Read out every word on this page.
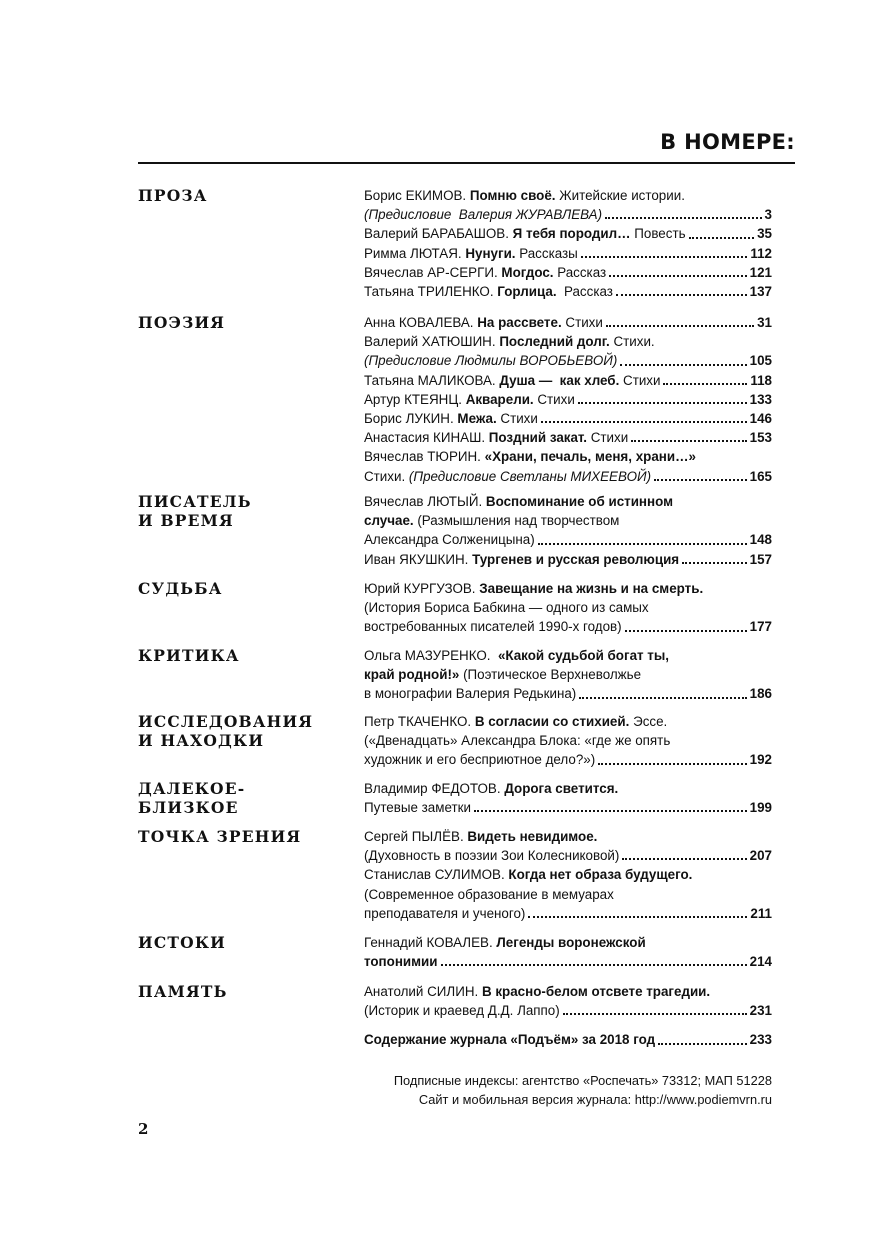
В НОМЕРЕ:
ПРОЗА	Борис ЕКИМОВ. Помню своё. Житейские истории.
(Предисловие  Валерия ЖУРАВЛЕВА)	3
Валерий БАРАБАШОВ. Я тебя породил… Повесть	35
Римма ЛЮТАЯ. Нунуги. Рассказы	112
Вячеслав АР-СЕРГИ. Могдос. Рассказ	121
Татьяна ТРИЛЕНКО. Горлица.  Рассказ	137
ПОЭЗИЯ	Анна КОВАЛЕВА. На рассвете. Стихи	31
Валерий ХАТЮШИН. Последний долг. Стихи.
(Предисловие Людмилы ВОРОБЬЕВОЙ)	105
Татьяна МАЛИКОВА. Душа —  как хлеб. Стихи	118
Артур КТЕЯНЦ. Акварели. Стихи	133
Борис ЛУКИН. Межа. Стихи	146
Анастасия КИНАШ. Поздний закат. Стихи	153
Вячеслав ТЮРИН. «Храни, печаль, меня, храни…»
Стихи. (Предисловие Светланы МИХЕЕВОЙ)	165
ПИСАТЕЛЬ
И ВРЕМЯ
Вячеслав ЛЮТЫЙ. Воспоминание об истинном
случае. (Размышления над творчеством
Александра Солженицына)	148
Иван ЯКУШКИН. Тургенев и русская революция	157
СУДЬБА	Юрий КУРГУЗОВ. Завещание на жизнь и на смерть.
(История Бориса Бабкина — одного из самых
востребованных писателей 1990-х годов)	177
КРИТИКА	Ольга МАЗУРЕНКО.  «Какой судьбой богат ты,
край родной!» (Поэтическое Верхневолжье
в монографии Валерия Редькина)	186
ИССЛЕДОВАНИЯ
И НАХОДКИ
Петр ТКАЧЕНКО. В согласии со стихией. Эссе.
(«Двенадцать» Александра Блока: «где же опять
художник и его бесприютное дело?»)	192
ДАЛЕКОЕ-
БЛИЗКОЕ
Владимир ФЕДОТОВ. Дорога светится.
Путевые заметки	199
ТОЧКА ЗРЕНИЯ	Сергей ПЫЛЁВ. Видеть невидимое.
(Духовность в поэзии Зои Колесниковой)	207
Станислав СУЛИМОВ. Когда нет образа будущего.
(Современное образование в мемуарах
преподавателя и ученого)	211
ИСТОКИ	Геннадий КОВАЛЕВ. Легенды воронежской
топонимии	214
ПАМЯТЬ	Анатолий СИЛИН. В красно-белом отсвете трагедии.
(Историк и краевед Д.Д. Лаппо)	231
Содержание журнала «Подъём» за 2018 год	233
Подписные индексы: агентство «Роспечать» 73312; МАП 51228
Сайт и мобильная версия журнала: http://www.podiemvrn.ru
2
